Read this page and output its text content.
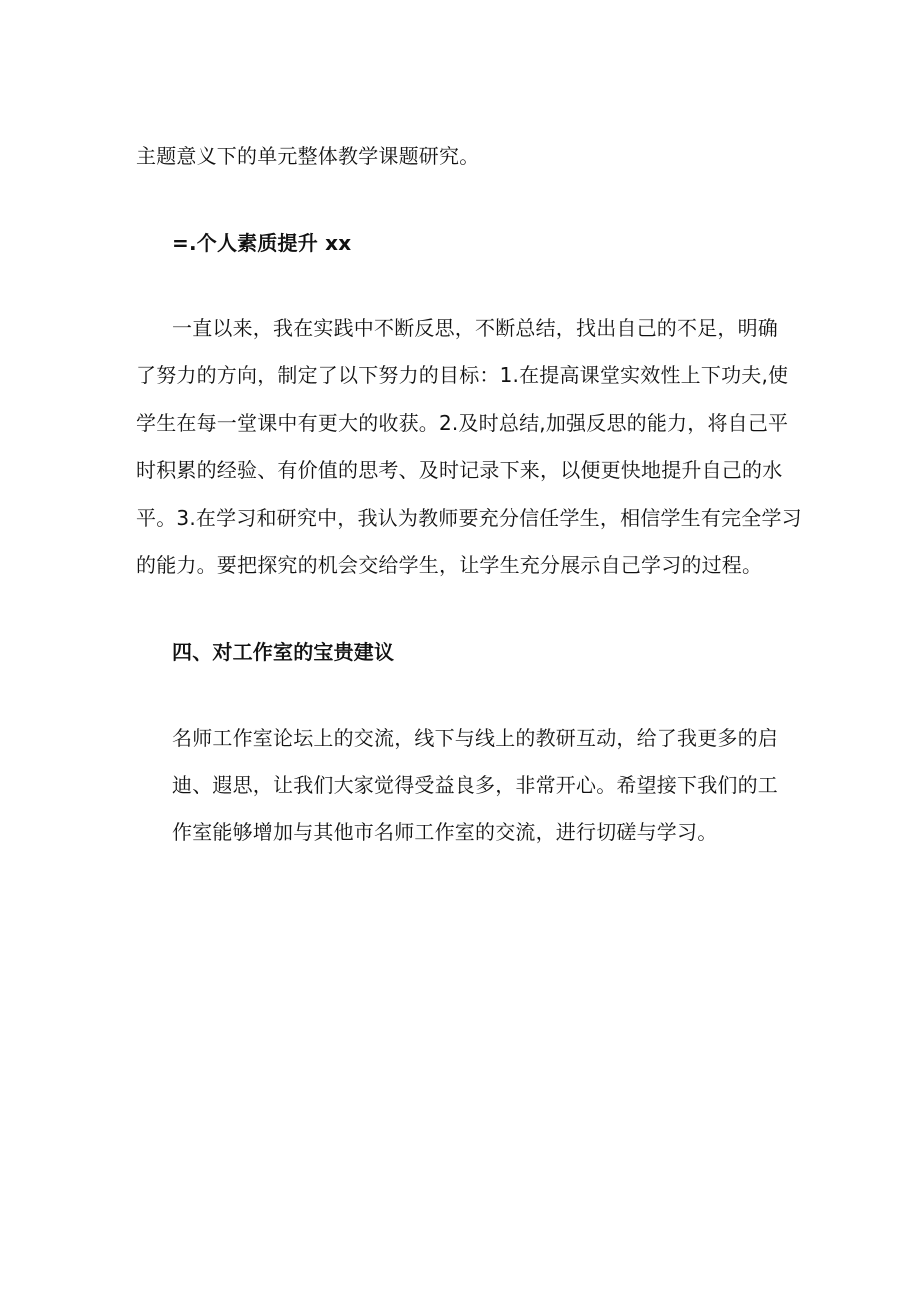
主题意义下的单元整体教学课题研究。
=.个人素质提升 xx
一直以来，我在实践中不断反思，不断总结，找出自己的不足，明确
了努力的方向，制定了以下努力的目标：1.在提高课堂实效性上下功夫,使
学生在每一堂课中有更大的收获。2.及时总结,加强反思的能力，将自己平
时积累的经验、有价值的思考、及时记录下来，以便更快地提升自己的水
平。3.在学习和研究中，我认为教师要充分信任学生，相信学生有完全学习
的能力。要把探究的机会交给学生，让学生充分展示自己学习的过程。
四、对工作室的宝贵建议
名师工作室论坛上的交流，线下与线上的教研互动，给了我更多的启
迪、遐思，让我们大家觉得受益良多，非常开心。希望接下我们的工
作室能够增加与其他市名师工作室的交流，进行切磋与学习。
